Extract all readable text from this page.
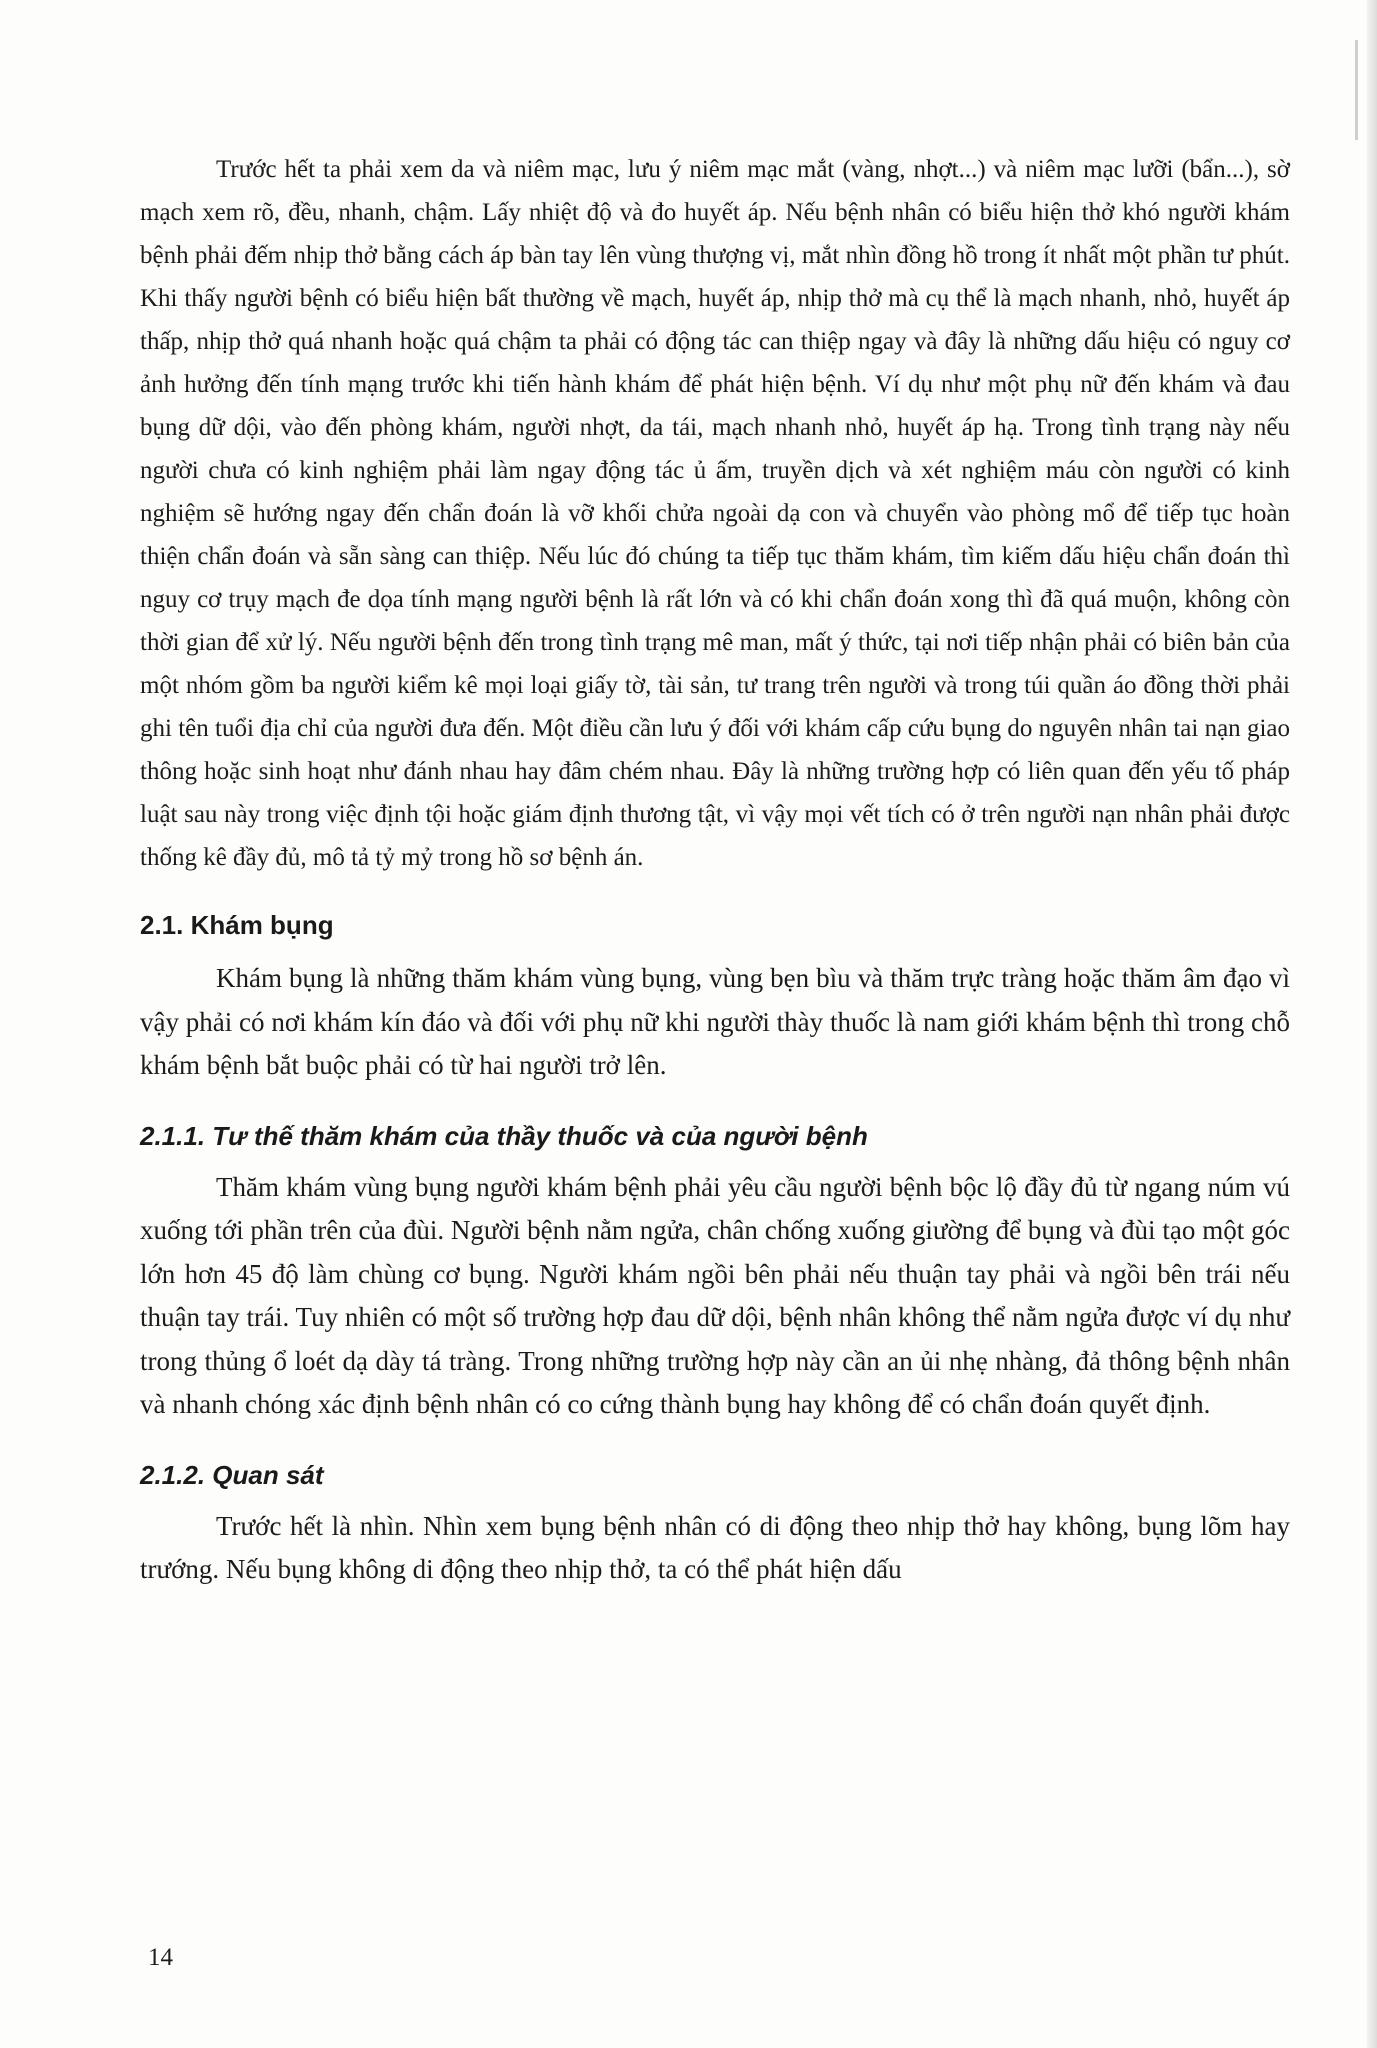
Trước hết ta phải xem da và niêm mạc, lưu ý niêm mạc mắt (vàng, nhợt...) và niêm mạc lưỡi (bẩn...), sờ mạch xem rõ, đều, nhanh, chậm. Lấy nhiệt độ và đo huyết áp. Nếu bệnh nhân có biểu hiện thở khó người khám bệnh phải đếm nhịp thở bằng cách áp bàn tay lên vùng thượng vị, mắt nhìn đồng hồ trong ít nhất một phần tư phút. Khi thấy người bệnh có biểu hiện bất thường về mạch, huyết áp, nhịp thở mà cụ thể là mạch nhanh, nhỏ, huyết áp thấp, nhịp thở quá nhanh hoặc quá chậm ta phải có động tác can thiệp ngay và đây là những dấu hiệu có nguy cơ ảnh hưởng đến tính mạng trước khi tiến hành khám để phát hiện bệnh. Ví dụ như một phụ nữ đến khám và đau bụng dữ dội, vào đến phòng khám, người nhợt, da tái, mạch nhanh nhỏ, huyết áp hạ. Trong tình trạng này nếu người chưa có kinh nghiệm phải làm ngay động tác ủ ấm, truyền dịch và xét nghiệm máu còn người có kinh nghiệm sẽ hướng ngay đến chẩn đoán là vỡ khối chửa ngoài dạ con và chuyển vào phòng mổ để tiếp tục hoàn thiện chẩn đoán và sẵn sàng can thiệp. Nếu lúc đó chúng ta tiếp tục thăm khám, tìm kiếm dấu hiệu chẩn đoán thì nguy cơ trụy mạch đe dọa tính mạng người bệnh là rất lớn và có khi chẩn đoán xong thì đã quá muộn, không còn thời gian để xử lý. Nếu người bệnh đến trong tình trạng mê man, mất ý thức, tại nơi tiếp nhận phải có biên bản của một nhóm gồm ba người kiểm kê mọi loại giấy tờ, tài sản, tư trang trên người và trong túi quần áo đồng thời phải ghi tên tuổi địa chỉ của người đưa đến. Một điều cần lưu ý đối với khám cấp cứu bụng do nguyên nhân tai nạn giao thông hoặc sinh hoạt như đánh nhau hay đâm chém nhau. Đây là những trường hợp có liên quan đến yếu tố pháp luật sau này trong việc định tội hoặc giám định thương tật, vì vậy mọi vết tích có ở trên người nạn nhân phải được thống kê đầy đủ, mô tả tỷ mỷ trong hồ sơ bệnh án.

2.1. Khám bụng

Khám bụng là những thăm khám vùng bụng, vùng bẹn bìu và thăm trực tràng hoặc thăm âm đạo vì vậy phải có nơi khám kín đáo và đối với phụ nữ khi người thày thuốc là nam giới khám bệnh thì trong chỗ khám bệnh bắt buộc phải có từ hai người trở lên.

2.1.1. Tư thế thăm khám của thầy thuốc và của người bệnh

Thăm khám vùng bụng người khám bệnh phải yêu cầu người bệnh bộc lộ đầy đủ từ ngang núm vú xuống tới phần trên của đùi. Người bệnh nằm ngửa, chân chống xuống giường để bụng và đùi tạo một góc lớn hơn 45 độ làm chùng cơ bụng. Người khám ngồi bên phải nếu thuận tay phải và ngồi bên trái nếu thuận tay trái. Tuy nhiên có một số trường hợp đau dữ dội, bệnh nhân không thể nằm ngửa được ví dụ như trong thủng ổ loét dạ dày tá tràng. Trong những trường hợp này cần an ủi nhẹ nhàng, đả thông bệnh nhân và nhanh chóng xác định bệnh nhân có co cứng thành bụng hay không để có chẩn đoán quyết định.

2.1.2. Quan sát

Trước hết là nhìn. Nhìn xem bụng bệnh nhân có di động theo nhịp thở hay không, bụng lõm hay trướng. Nếu bụng không di động theo nhịp thở, ta có thể phát hiện dấu

14
